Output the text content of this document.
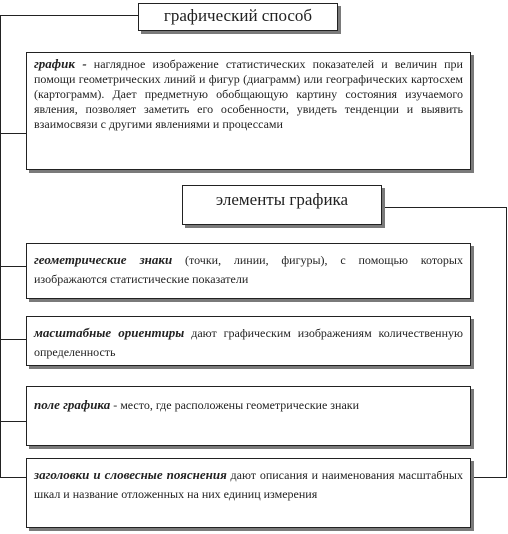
графический способ
график - наглядное изображение статистических показателей и величин при помощи геометрических линий и фигур (диаграмм) или географических картосхем (картограмм). Дает предметную обобщающую картину состояния изучаемого явления, позволяет заметить его особенности, увидеть тенденции и выявить взаимосвязи с другими явлениями и процессами
элементы графика
геометрические знаки (точки, линии, фигуры), с помощью которых изображаются статистические показатели
масштабные ориентиры дают графическим изображениям количественную определенность
поле графика - место, где расположены геометрические знаки
заголовки и словесные пояснения дают описания и наименования масштабных шкал и название отложенных на них единиц измерения
